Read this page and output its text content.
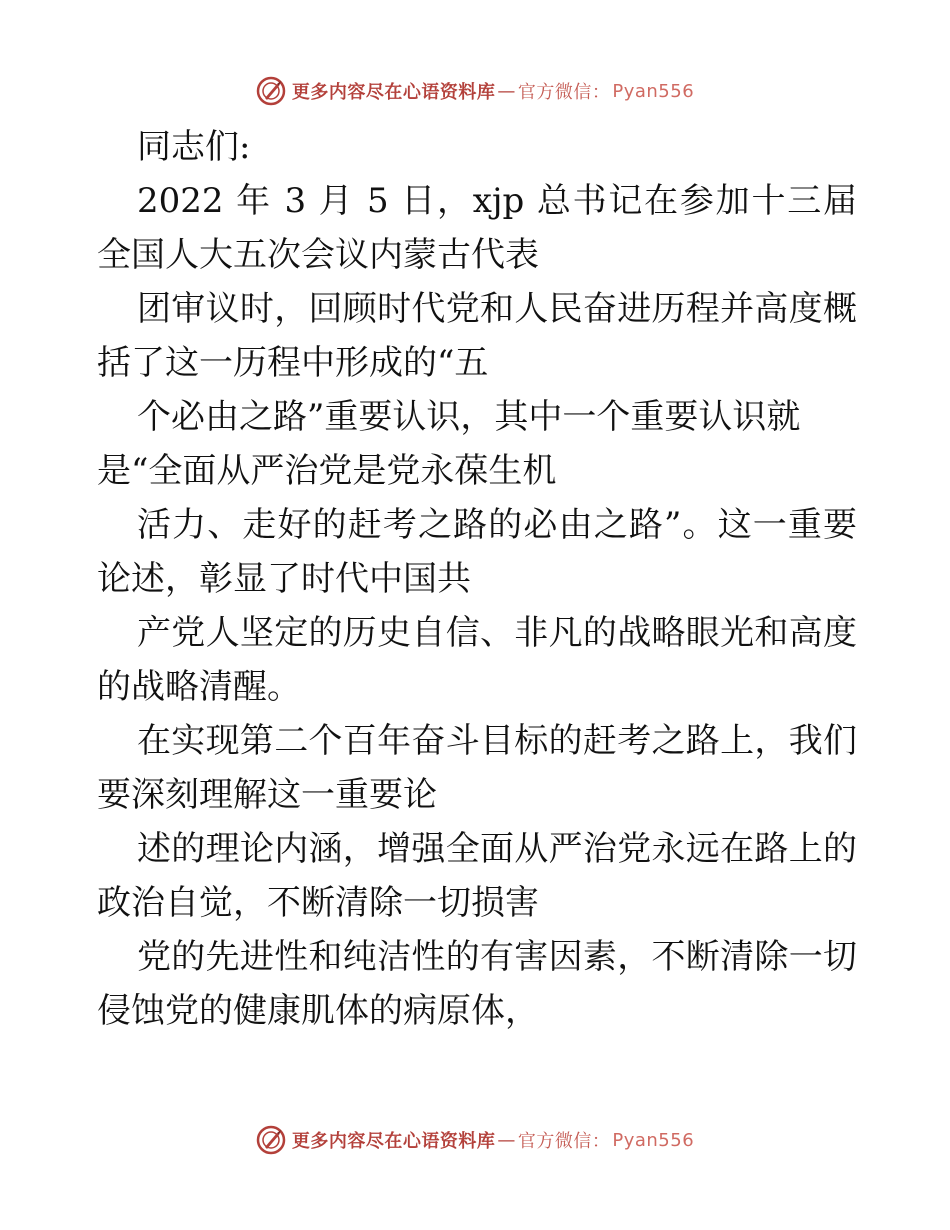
更多内容尽在心语资料库 — 官方微信： Pyan556
同志们:
2022 年 3 月 5 日，xjp 总书记在参加十三届
全国人大五次会议内蒙古代表
团审议时，回顾时代党和人民奋进历程并高度概
括了这一历程中形成的“五
个必由之路”重要认识，其中一个重要认识就
是“全面从严治党是党永葆生机
活力、走好的赶考之路的必由之路”。这一重要
论述，彰显了时代中国共
产党人坚定的历史自信、非凡的战略眼光和高度
的战略清醒。
在实现第二个百年奋斗目标的赶考之路上，我们
要深刻理解这一重要论
述的理论内涵，增强全面从严治党永远在路上的
政治自觉，不断清除一切损害
党的先进性和纯洁性的有害因素，不断清除一切
侵蚀党的健康肌体的病原体，
更多内容尽在心语资料库 — 官方微信： Pyan556
